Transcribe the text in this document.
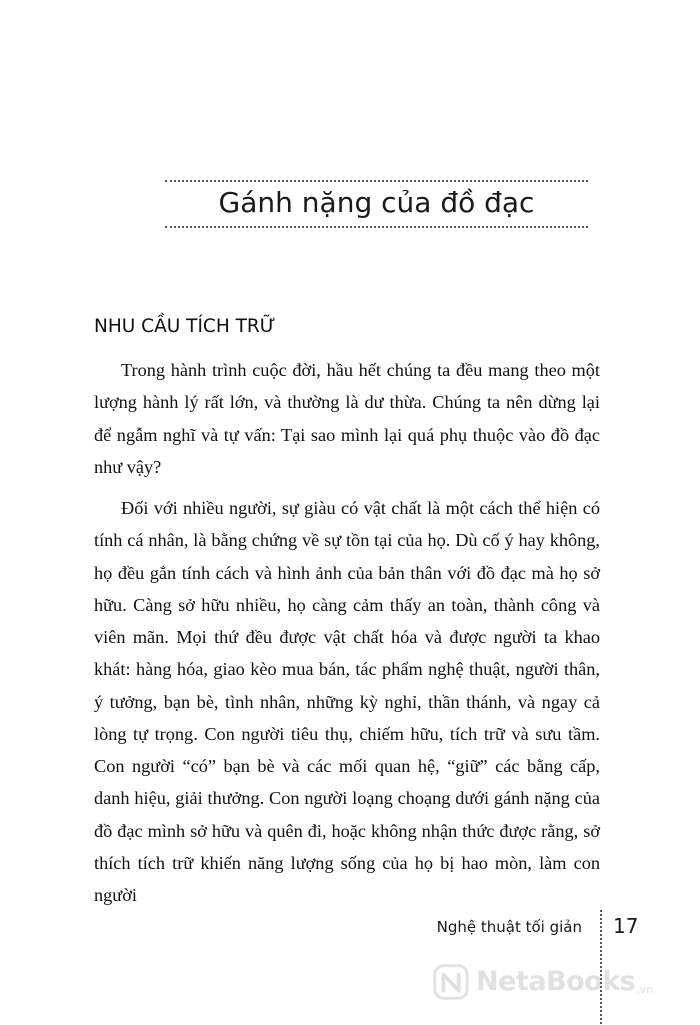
Gánh nặng của đồ đạc
NHU CẦU TÍCH TRỮ

Trong hành trình cuộc đời, hầu hết chúng ta đều mang theo một lượng hành lý rất lớn, và thường là dư thừa. Chúng ta nên dừng lại để ngẫm nghĩ và tự vấn: Tại sao mình lại quá phụ thuộc vào đồ đạc như vậy?

Đối với nhiều người, sự giàu có vật chất là một cách thể hiện có tính cá nhân, là bằng chứng về sự tồn tại của họ. Dù cố ý hay không, họ đều gắn tính cách và hình ảnh của bản thân với đồ đạc mà họ sở hữu. Càng sở hữu nhiều, họ càng cảm thấy an toàn, thành công và viên mãn. Mọi thứ đều được vật chất hóa và được người ta khao khát: hàng hóa, giao kèo mua bán, tác phẩm nghệ thuật, người thân, ý tưởng, bạn bè, tình nhân, những kỳ nghỉ, thần thánh, và ngay cả lòng tự trọng. Con người tiêu thụ, chiếm hữu, tích trữ và sưu tầm. Con người “có” bạn bè và các mối quan hệ, “giữ” các bằng cấp, danh hiệu, giải thưởng. Con người loạng choạng dưới gánh nặng của đồ đạc mình sở hữu và quên đi, hoặc không nhận thức được rằng, sở thích tích trữ khiến năng lượng sống của họ bị hao mòn, làm con người

Nghệ thuật tối giản 17
NetaBooks .vn
